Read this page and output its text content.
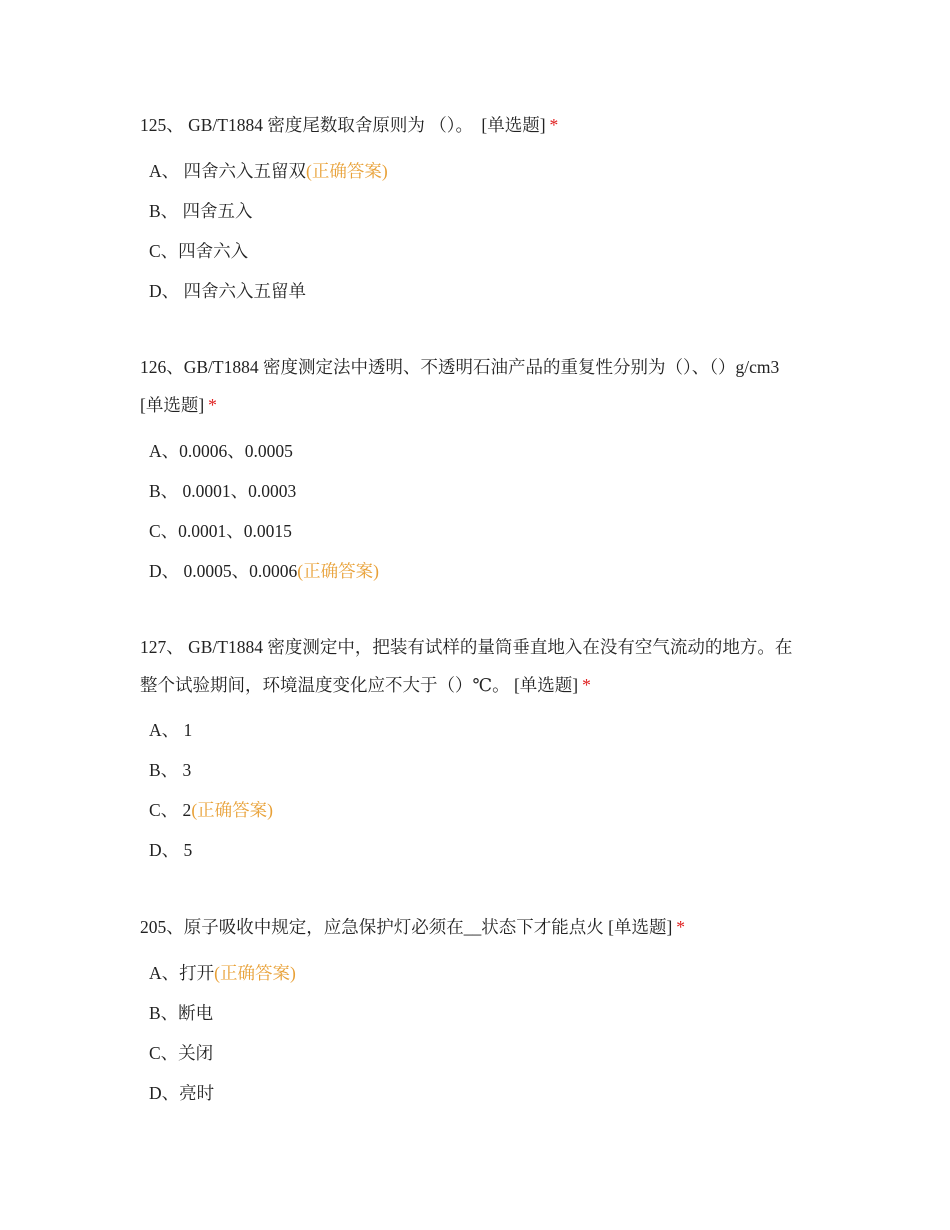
125、 GB/T1884 密度尾数取舍原则为 （）。 [单选题] *

A、 四舍六入五留双(正确答案)
B、 四舍五入
C、四舍六入
D、 四舍六入五留单

126、GB/T1884 密度测定法中透明、不透明石油产品的重复性分别为（）、（）g/cm3 [单选题] *

A、0.0006、0.0005
B、 0.0001、0.0003
C、0.0001、0.0015
D、 0.0005、0.0006(正确答案)

127、 GB/T1884 密度测定中，把装有试样的量筒垂直地入在没有空气流动的地方。在整个试验期间，环境温度变化应不大于（）℃。 [单选题] *

A、 1
B、 3
C、 2(正确答案)
D、 5

205、原子吸收中规定，应急保护灯必须在__状态下才能点火 [单选题] *

A、打开(正确答案)
B、断电
C、关闭
D、亮时
